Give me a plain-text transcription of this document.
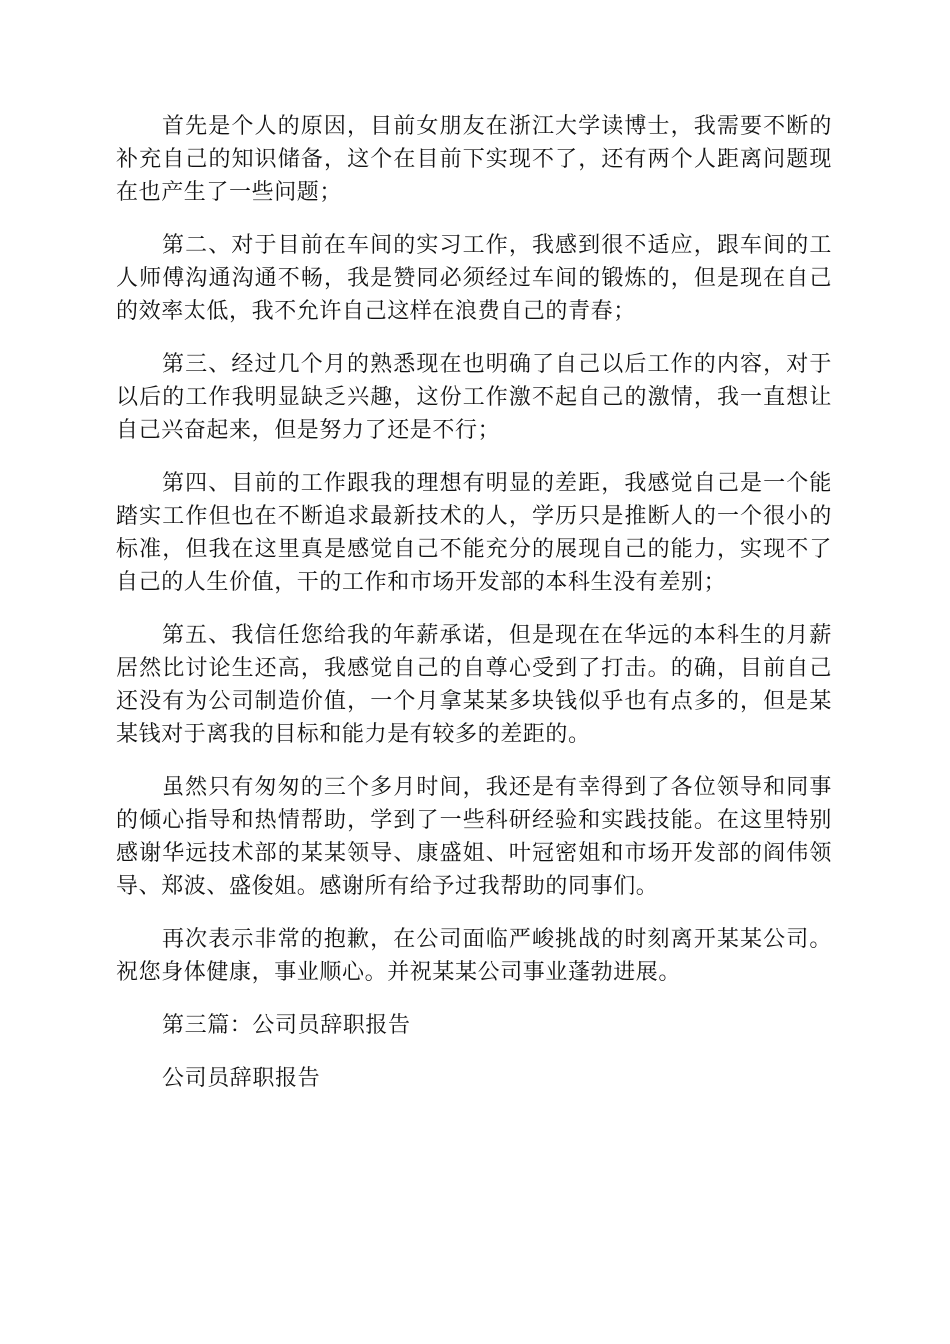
首先是个人的原因，目前女朋友在浙江大学读博士，我需要不断的补充自己的知识储备，这个在目前下实现不了，还有两个人距离问题现在也产生了一些问题；

第二、对于目前在车间的实习工作，我感到很不适应，跟车间的工人师傅沟通沟通不畅，我是赞同必须经过车间的锻炼的，但是现在自己的效率太低，我不允许自己这样在浪费自己的青春；

第三、经过几个月的熟悉现在也明确了自己以后工作的内容，对于以后的工作我明显缺乏兴趣，这份工作激不起自己的激情，我一直想让自己兴奋起来，但是努力了还是不行；

第四、目前的工作跟我的理想有明显的差距，我感觉自己是一个能踏实工作但也在不断追求最新技术的人，学历只是推断人的一个很小的标准，但我在这里真是感觉自己不能充分的展现自己的能力，实现不了自己的人生价值，干的工作和市场开发部的本科生没有差别；

第五、我信任您给我的年薪承诺，但是现在在华远的本科生的月薪居然比讨论生还高，我感觉自己的自尊心受到了打击。的确，目前自己还没有为公司制造价值，一个月拿某某多块钱似乎也有点多的，但是某某钱对于离我的目标和能力是有较多的差距的。

虽然只有匆匆的三个多月时间，我还是有幸得到了各位领导和同事的倾心指导和热情帮助，学到了一些科研经验和实践技能。在这里特别感谢华远技术部的某某领导、康盛姐、叶冠密姐和市场开发部的阎伟领导、郑波、盛俊姐。感谢所有给予过我帮助的同事们。

再次表示非常的抱歉，在公司面临严峻挑战的时刻离开某某公司。祝您身体健康，事业顺心。并祝某某公司事业蓬勃进展。

第三篇：公司员辞职报告

公司员辞职报告
